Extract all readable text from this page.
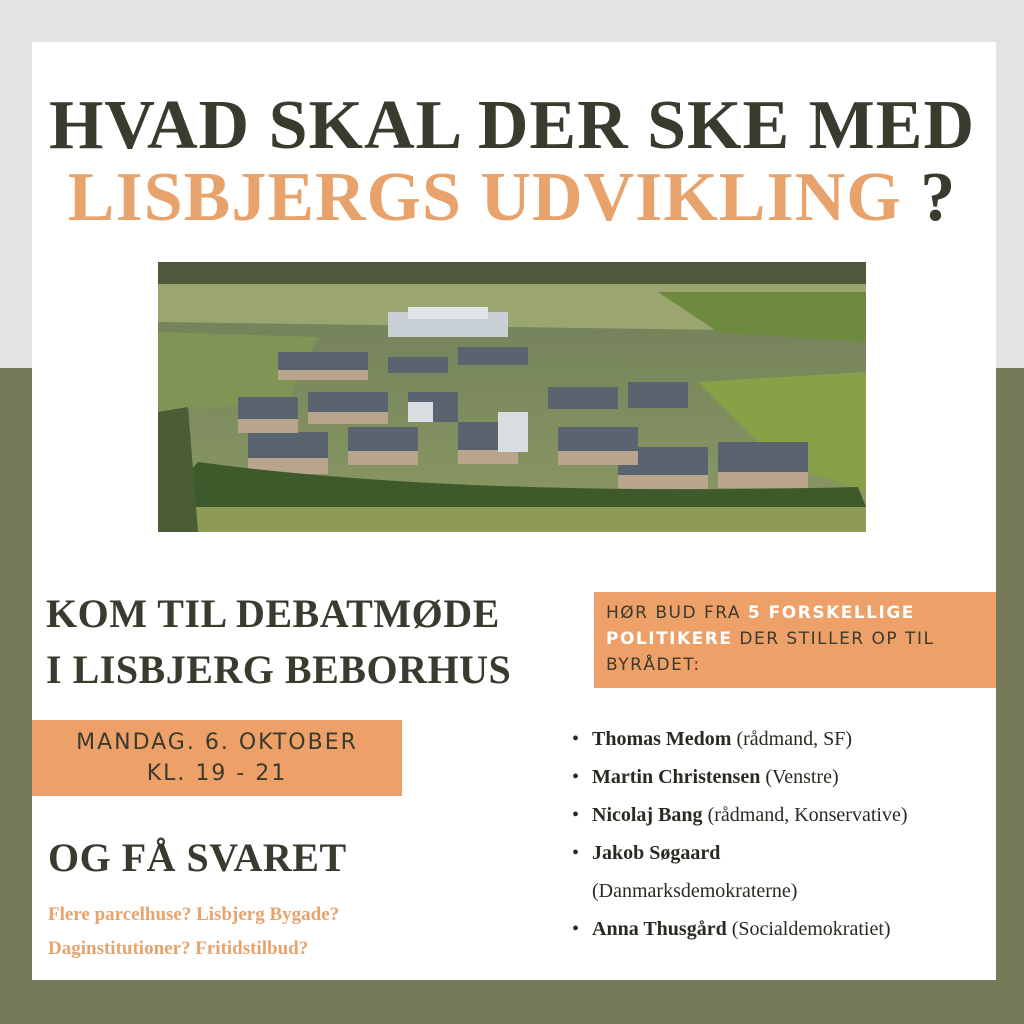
HVAD SKAL DER SKE MED
LISBJERGS UDVIKLING ?
KOM TIL DEBATMØDE
I LISBJERG BEBORHUS
MANDAG. 6. OKTOBER
KL. 19 - 21
OG FÅ SVARET
Flere parcelhuse? Lisbjerg Bygade?
Daginstitutioner? Fritidstilbud?
HØR BUD FRA 5 FORSKELLIGE POLITIKERE DER STILLER OP TIL BYRÅDET:
• Thomas Medom (rådmand, SF)
• Martin Christensen (Venstre)
• Nicolaj Bang (rådmand, Konservative)
• Jakob Søgaard
(Danmarksdemokraterne)
• Anna Thusgård (Socialdemokratiet)
